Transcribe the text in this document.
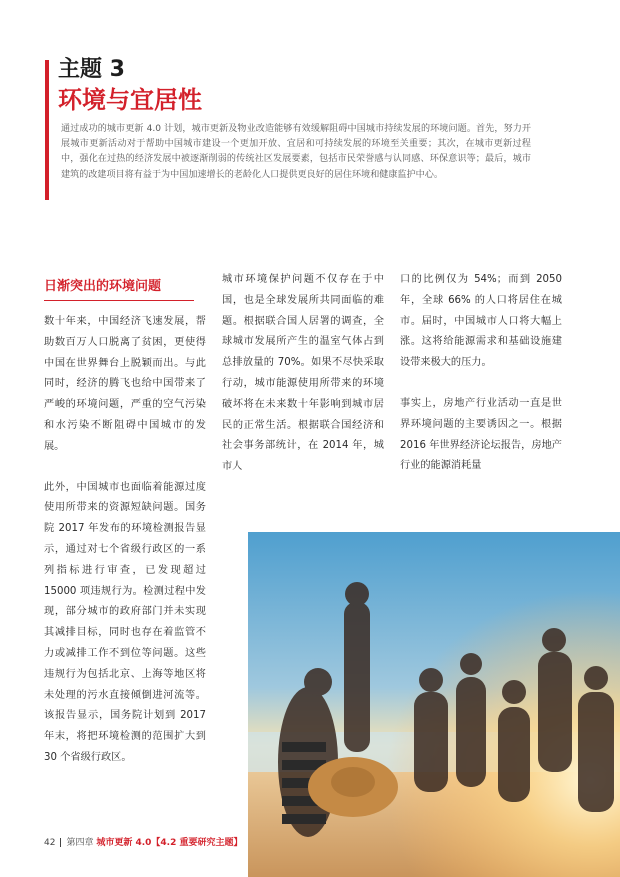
主题 3

环境与宜居性

通过成功的城市更新 4.0 计划，城市更新及物业改造能够有效缓解阻碍中国城市持续发展的环境问题。首先，努力开展城市更新活动对于帮助中国城市建设一个更加开放、宜居和可持续发展的环境至关重要；其次，在城市更新过程中，强化在过热的经济发展中被逐渐削弱的传统社区发展要素，包括市民荣誉感与认同感、环保意识等；最后，城市建筑的改建项目将有益于为中国加速增长的老龄化人口提供更良好的居住环境和健康监护中心。

日渐突出的环境问题

数十年来，中国经济飞速发展，帮助数百万人口脱离了贫困，更使得中国在世界舞台上脱颖而出。与此同时，经济的腾飞也给中国带来了严峻的环境问题，严重的空气污染和水污染不断阻碍中国城市的发展。

此外，中国城市也面临着能源过度使用所带来的资源短缺问题。国务院 2017 年发布的环境检测报告显示，通过对七个省级行政区的一系列指标进行审查，已发现超过 15000 项违规行为。检测过程中发现，部分城市的政府部门并未实现其减排目标，同时也存在着监管不力或减排工作不到位等问题。这些违规行为包括北京、上海等地区将未处理的污水直接倾倒进河流等。该报告显示，国务院计划到 2017 年末，将把环境检测的范围扩大到 30 个省级行政区。

城市环境保护问题不仅存在于中国，也是全球发展所共同面临的难题。根据联合国人居署的调查，全球城市发展所产生的温室气体占到总排放量的 70%。如果不尽快采取行动，城市能源使用所带来的环境破坏将在未来数十年影响到城市居民的正常生活。根据联合国经济和社会事务部统计，在 2014 年，城市人

口的比例仅为 54%；而到 2050 年，全球 66% 的人口将居住在城市。届时，中国城市人口将大幅上涨。这将给能源需求和基础设施建设带来极大的压力。

事实上，房地产行业活动一直是世界环境问题的主要诱因之一。根据 2016 年世界经济论坛报告，房地产行业的能源消耗量

42 第四章 城市更新 4.0【4.2 重要研究主题】
